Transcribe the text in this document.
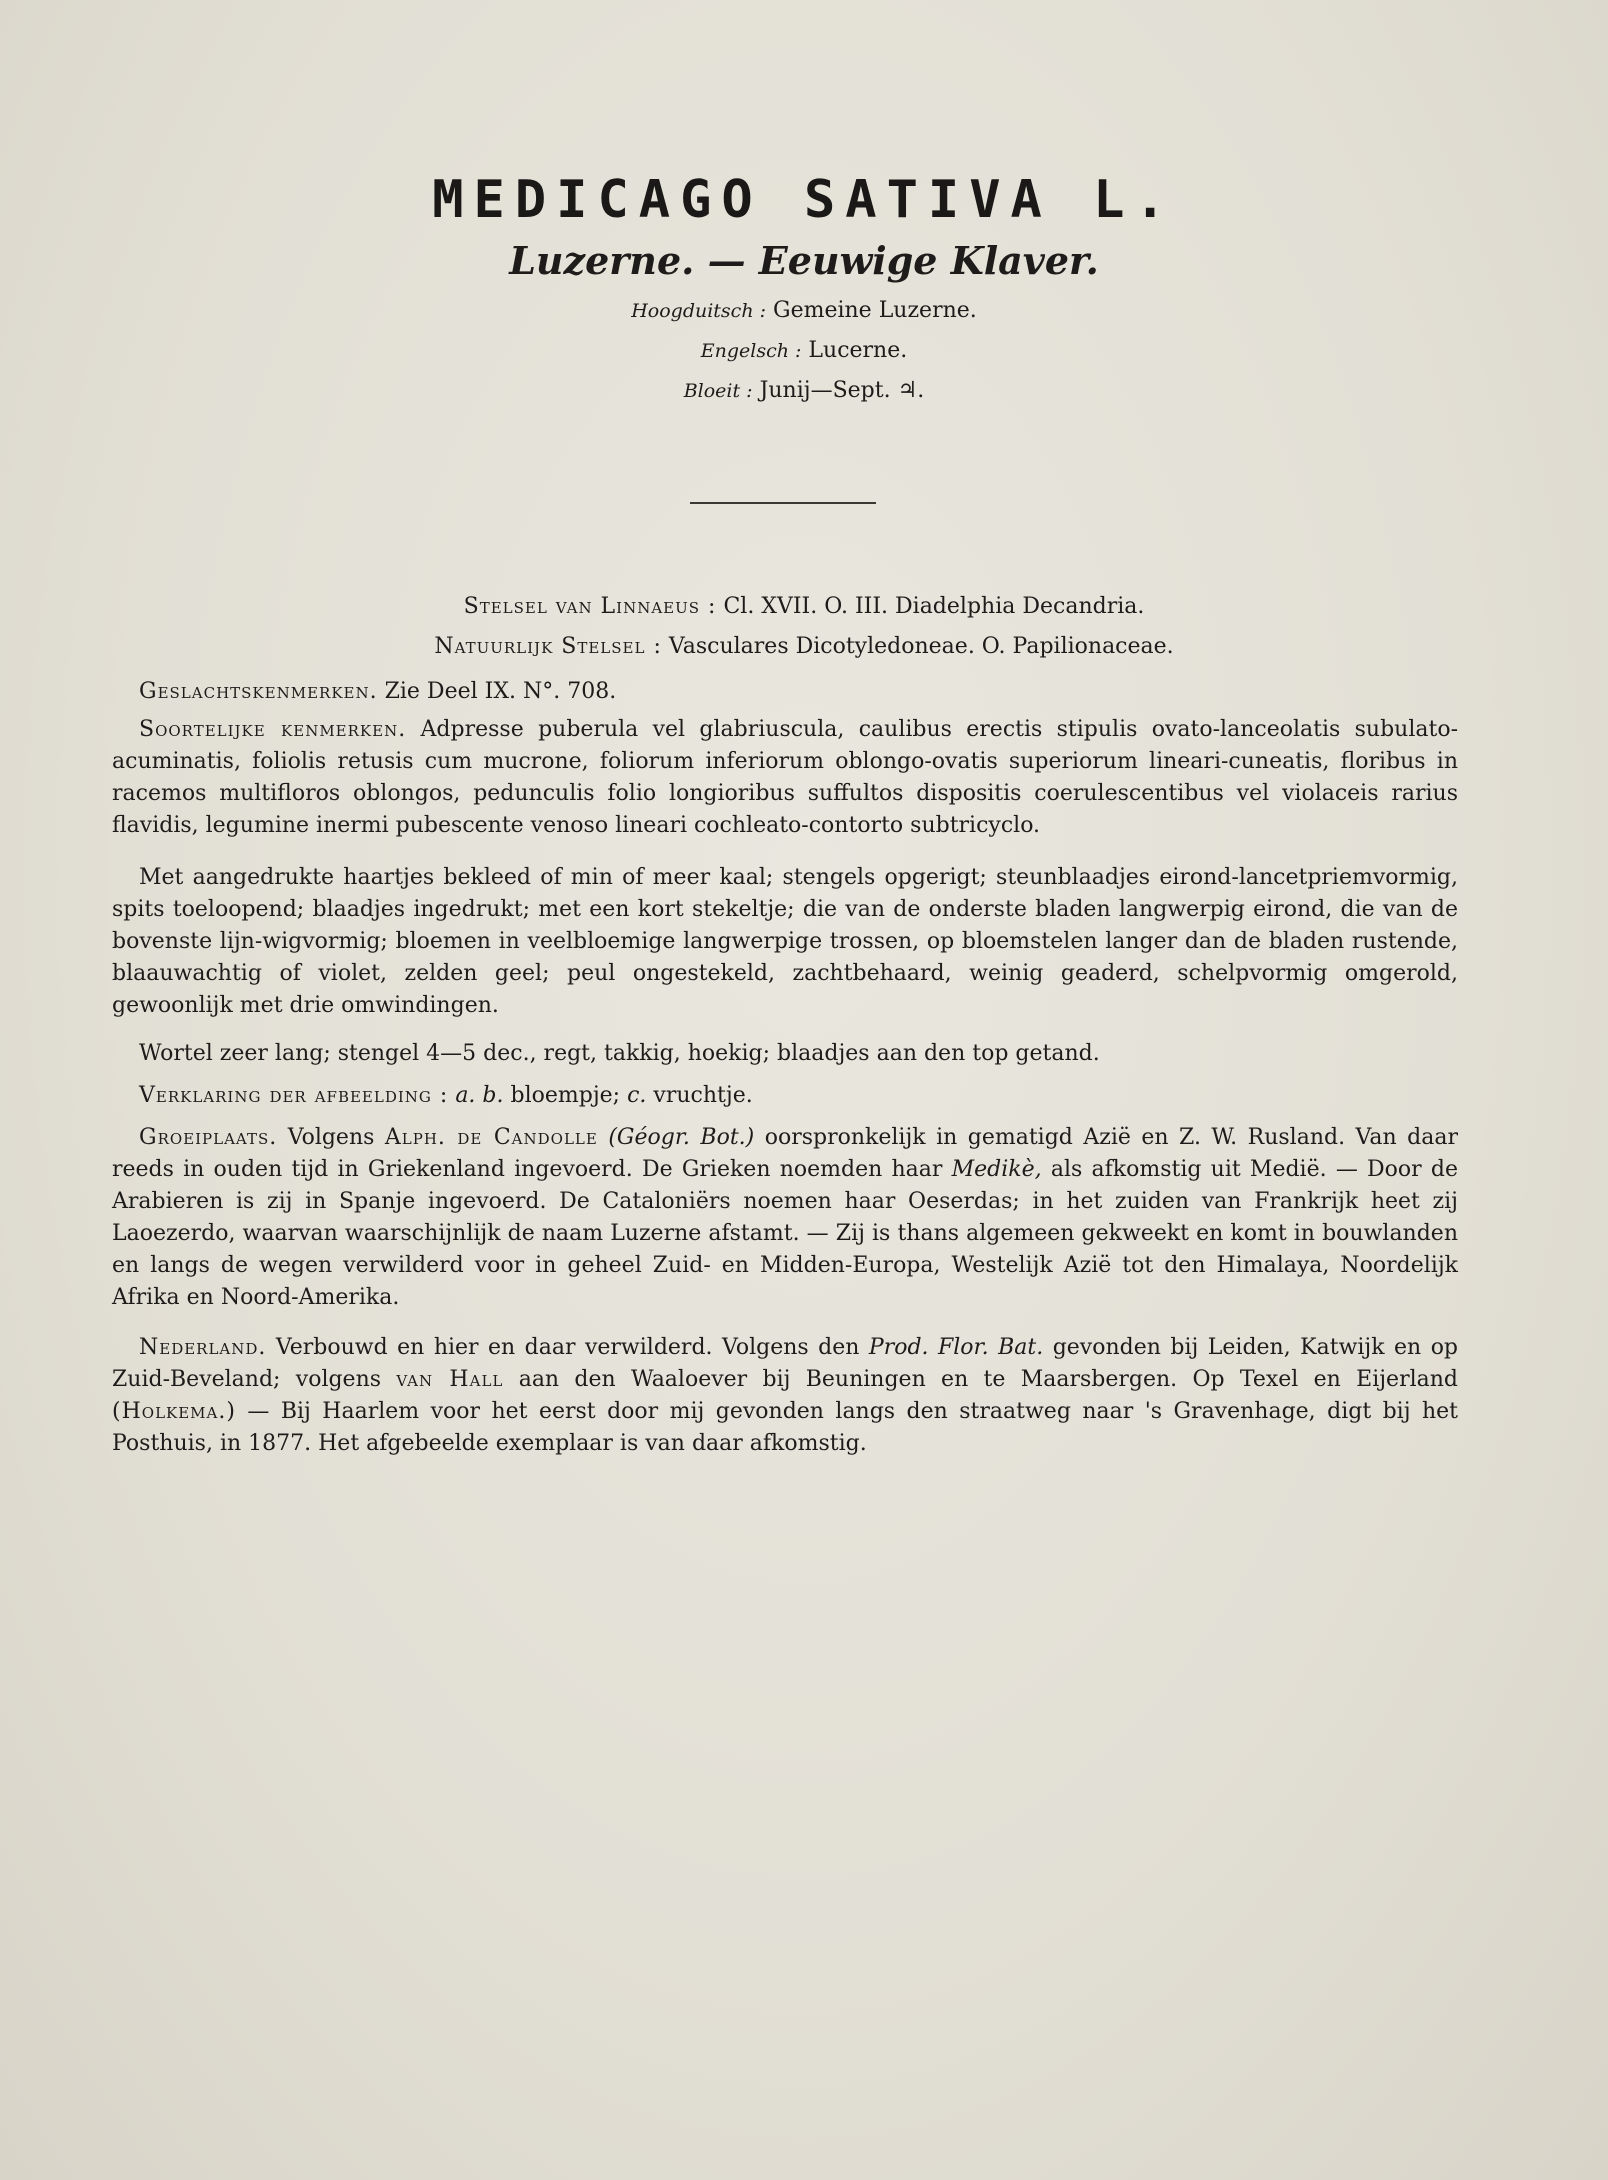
MEDICAGO SATIVA L.
Luzerne. — Eeuwige Klaver.
Hoogduitsch : Gemeine Luzerne.
Engelsch : Lucerne.
Bloeit : Junij—Sept. ♃.
Stelsel van Linnaeus : Cl. XVII. O. III. Diadelphia Decandria.
Natuurlijk Stelsel : Vasculares Dicotyledoneae. O. Papilionaceae.

Geslachtskenmerken. Zie Deel IX. N°. 708.

Soortelijke kenmerken. Adpresse puberula vel glabriuscula, caulibus erectis stipulis ovato-lanceolatis subulato-acuminatis, foliolis retusis cum mucrone, foliorum inferiorum oblongo-ovatis superiorum lineari-cuneatis, floribus in racemos multifloros oblongos, pedunculis folio longioribus suffultos dispositis coerulescentibus vel violaceis rarius flavidis, legumine inermi pubescente venoso lineari cochleato-contorto subtricyclo.

Met aangedrukte haartjes bekleed of min of meer kaal; stengels opgerigt; steunblaadjes eirond-lancetpriemvormig, spits toeloopend; blaadjes ingedrukt; met een kort stekeltje; die van de onderste bladen langwerpig eirond, die van de bovenste lijn-wigvormig; bloemen in veelbloemige langwerpige trossen, op bloemstelen langer dan de bladen rustende, blaauwachtig of violet, zelden geel; peul ongestekeld, zachtbehaard, weinig geaderd, schelpvormig omgerold, gewoonlijk met drie omwindingen.

Wortel zeer lang; stengel 4—5 dec., regt, takkig, hoekig; blaadjes aan den top getand.

Verklaring der afbeelding : a. b. bloempje; c. vruchtje.

Groeiplaats. Volgens Alph. de Candolle (Géogr. Bot.) oorspronkelijk in gematigd Azië en Z. W. Rusland. Van daar reeds in ouden tijd in Griekenland ingevoerd. De Grieken noemden haar Medikè, als afkomstig uit Medië. — Door de Arabieren is zij in Spanje ingevoerd. De Cataloniërs noemen haar Oeserdas; in het zuiden van Frankrijk heet zij Laoezerdo, waarvan waarschijnlijk de naam Luzerne afstamt. — Zij is thans algemeen gekweekt en komt in bouwlanden en langs de wegen verwilderd voor in geheel Zuid- en Midden-Europa, Westelijk Azië tot den Himalaya, Noordelijk Afrika en Noord-Amerika.

Nederland. Verbouwd en hier en daar verwilderd. Volgens den Prod. Flor. Bat. gevonden bij Leiden, Katwijk en op Zuid-Beveland; volgens van Hall aan den Waaloever bij Beuningen en te Maarsbergen. Op Texel en Eijerland (Holkema.) — Bij Haarlem voor het eerst door mij gevonden langs den straatweg naar 's Gravenhage, digt bij het Posthuis, in 1877. Het afgebeelde exemplaar is van daar afkomstig.
